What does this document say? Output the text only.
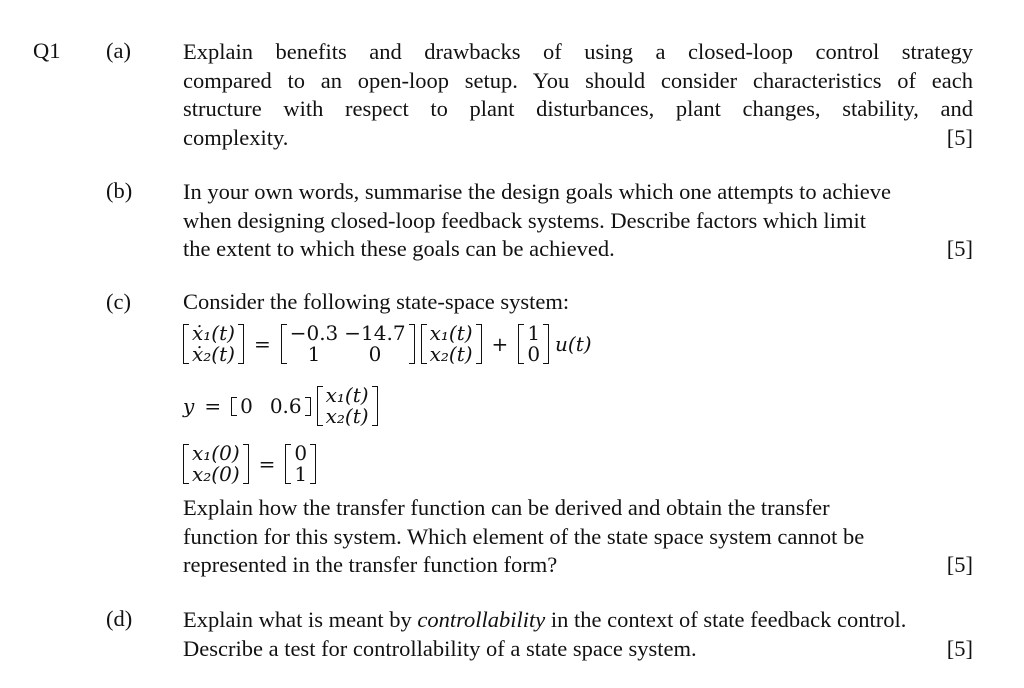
Q1 (a) Explain benefits and drawbacks of using a closed-loop control strategy
compared to an open-loop setup. You should consider characteristics of each
structure with respect to plant disturbances, plant changes, stability, and
complexity.	[5]
(b) In your own words, summarise the design goals which one attempts to achieve
when designing closed-loop feedback systems. Describe factors which limit
the extent to which these goals can be achieved.	[5]
(c) Consider the following state-space system:
ẋ₁(t)
ẋ₂(t) = −0.3	−14.7
1	0
x₁(t)
x₂(t) + 1
0 u(t)
y = 0	0.6 x₁(t)
x₂(t)
x₁(0)
x₂(0) = 0
1
Explain how the transfer function can be derived and obtain the transfer
function for this system. Which element of the state space system cannot be
represented in the transfer function form?	[5]
(d) Explain what is meant by controllability in the context of state feedback control.
Describe a test for controllability of a state space system.	[5]
